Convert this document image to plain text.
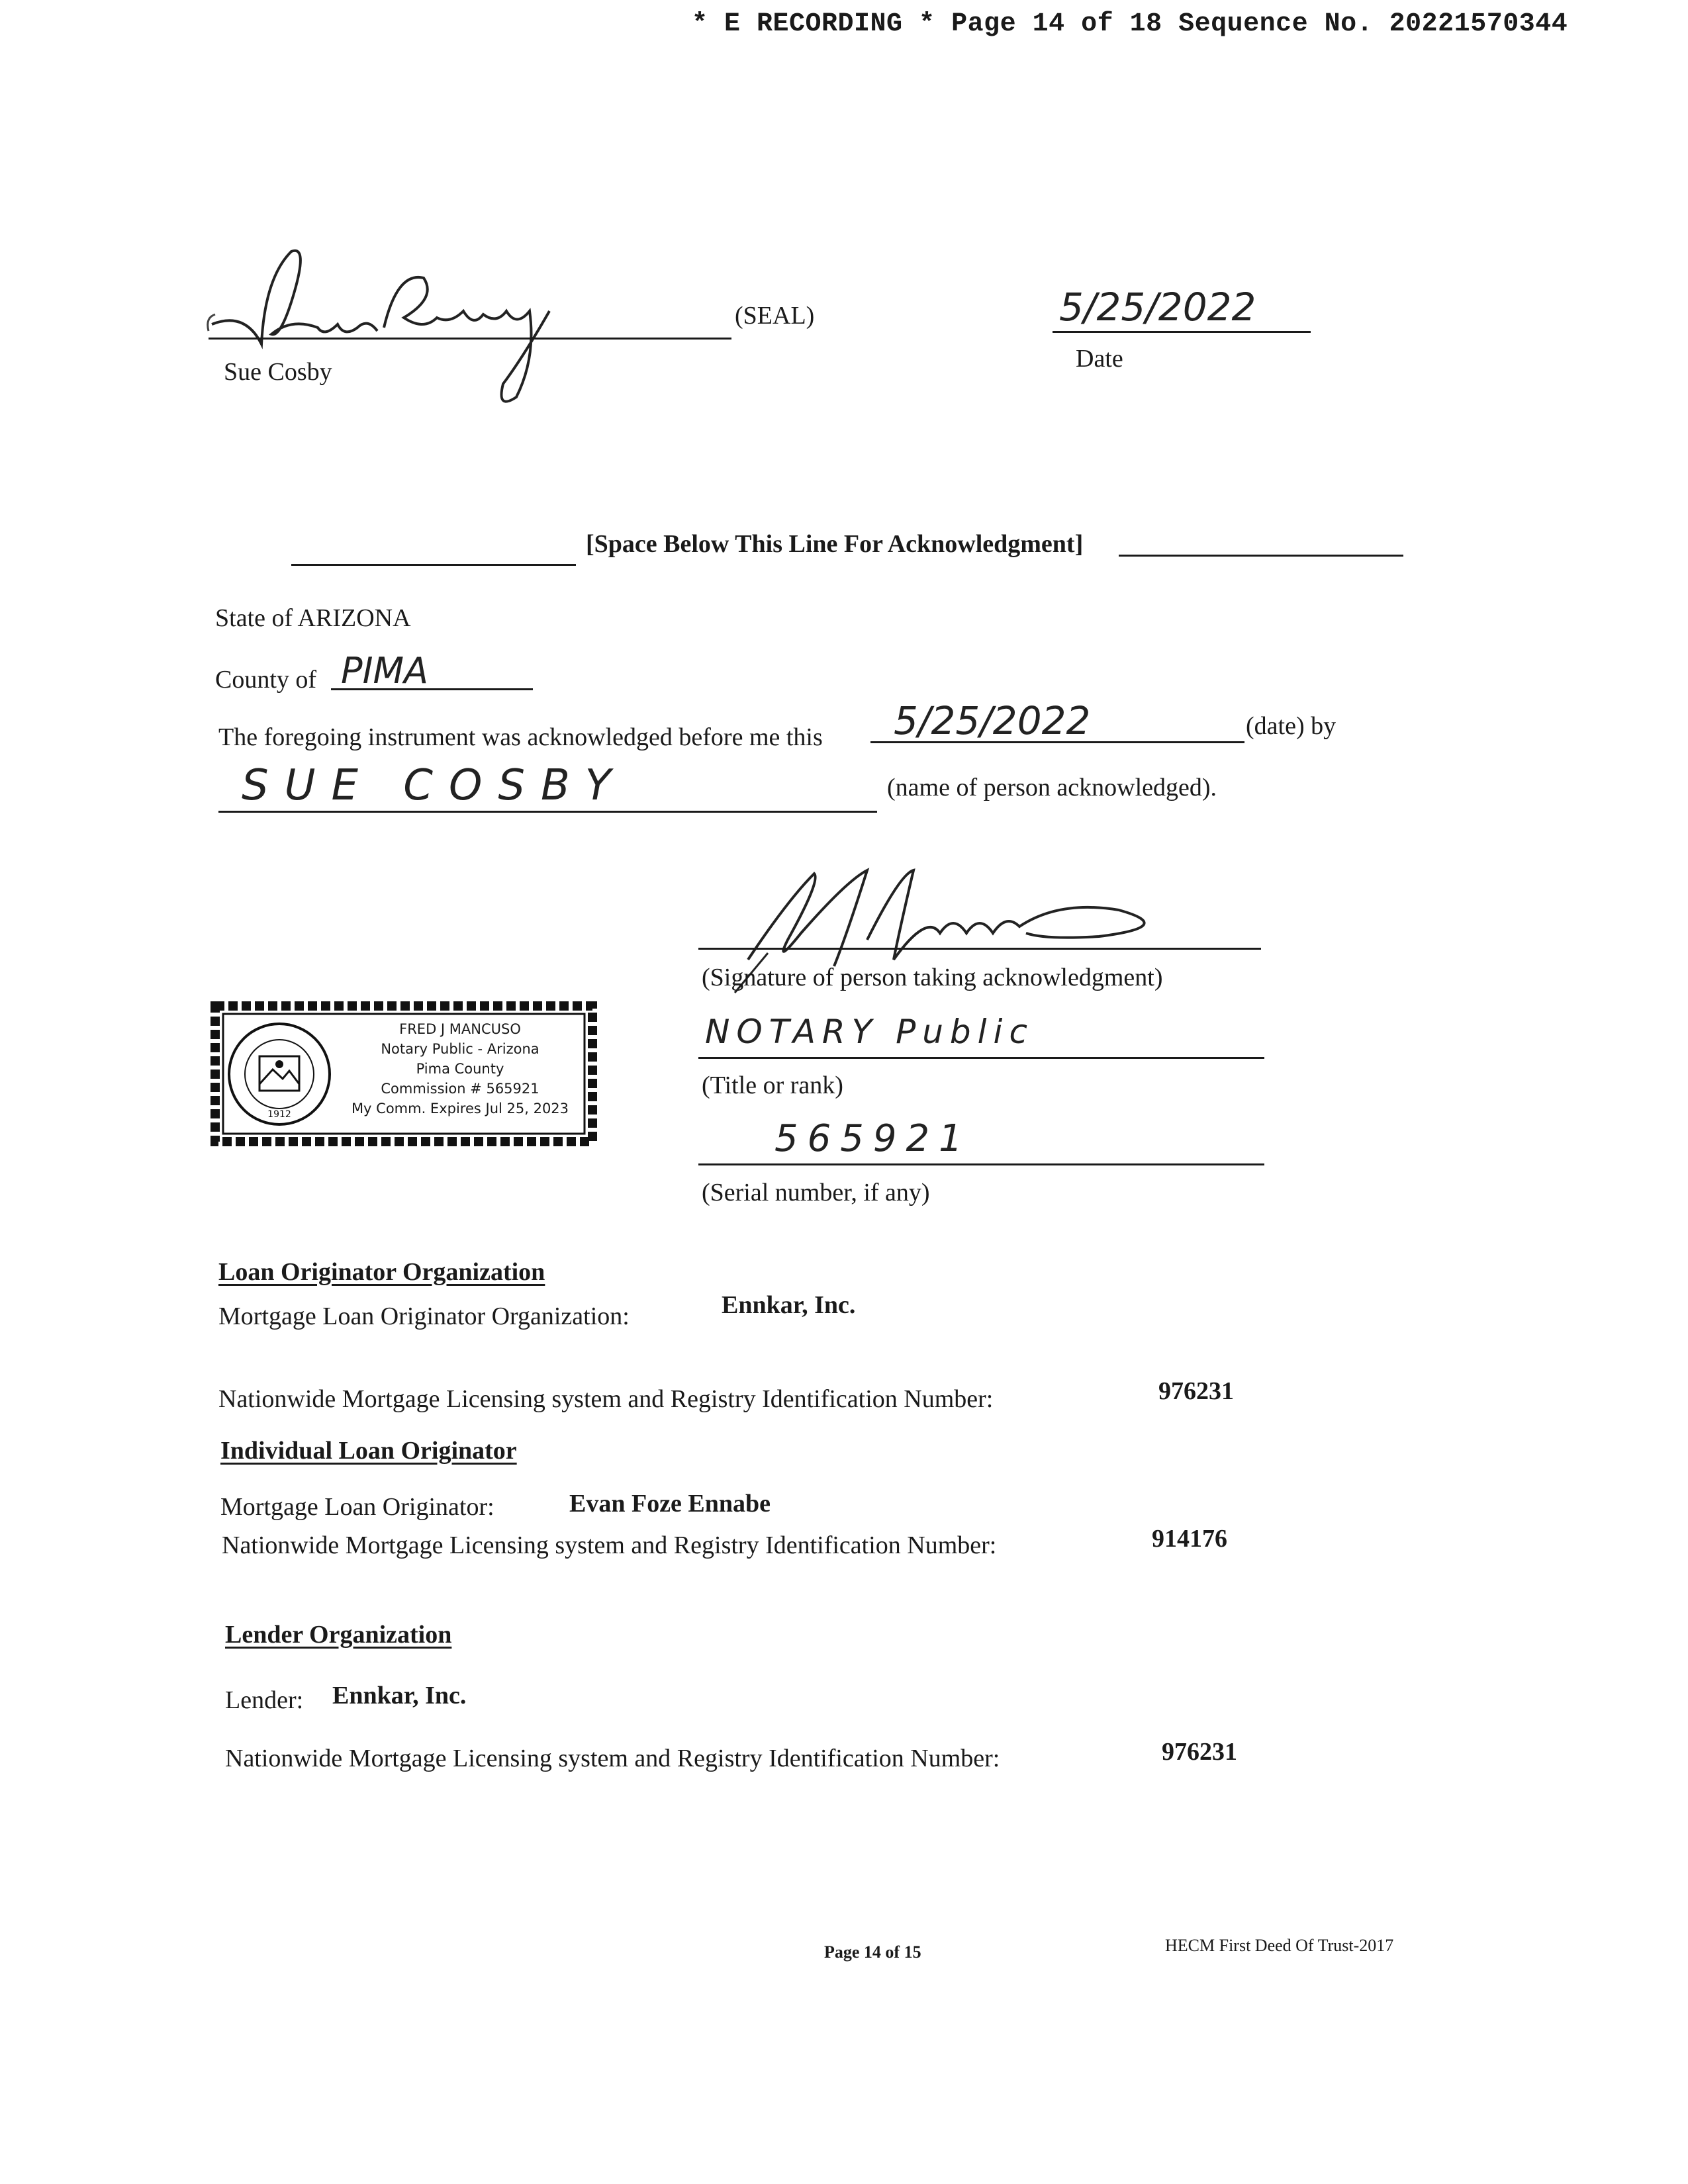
* E RECORDING * Page 14 of 18 Sequence No. 20221570344
(SEAL)
Sue Cosby
5/25/2022
Date
[Space Below This Line For Acknowledgment]
State of ARIZONA
County of PIMA
The foregoing instrument was acknowledged before me this 5/25/2022	(date) by
SUE COSBY	(name of person acknowledged).
(Signature of person taking acknowledgment)
NOTARY Public
(Title or rank)
565921
(Serial number, if any)
1912
FRED J MANCUSO
Notary Public - Arizona
Pima County
Commission # 565921
My Comm. Expires Jul 25, 2023
Loan Originator Organization
Mortgage Loan Originator Organization:	Ennkar, Inc.
Nationwide Mortgage Licensing system and Registry Identification Number:	976231
Individual Loan Originator
Mortgage Loan Originator:	Evan Foze Ennabe
Nationwide Mortgage Licensing system and Registry Identification Number:	914176
Lender Organization
Lender: Ennkar, Inc.
Nationwide Mortgage Licensing system and Registry Identification Number:	976231
Page 14 of 15	HECM First Deed Of Trust-2017
